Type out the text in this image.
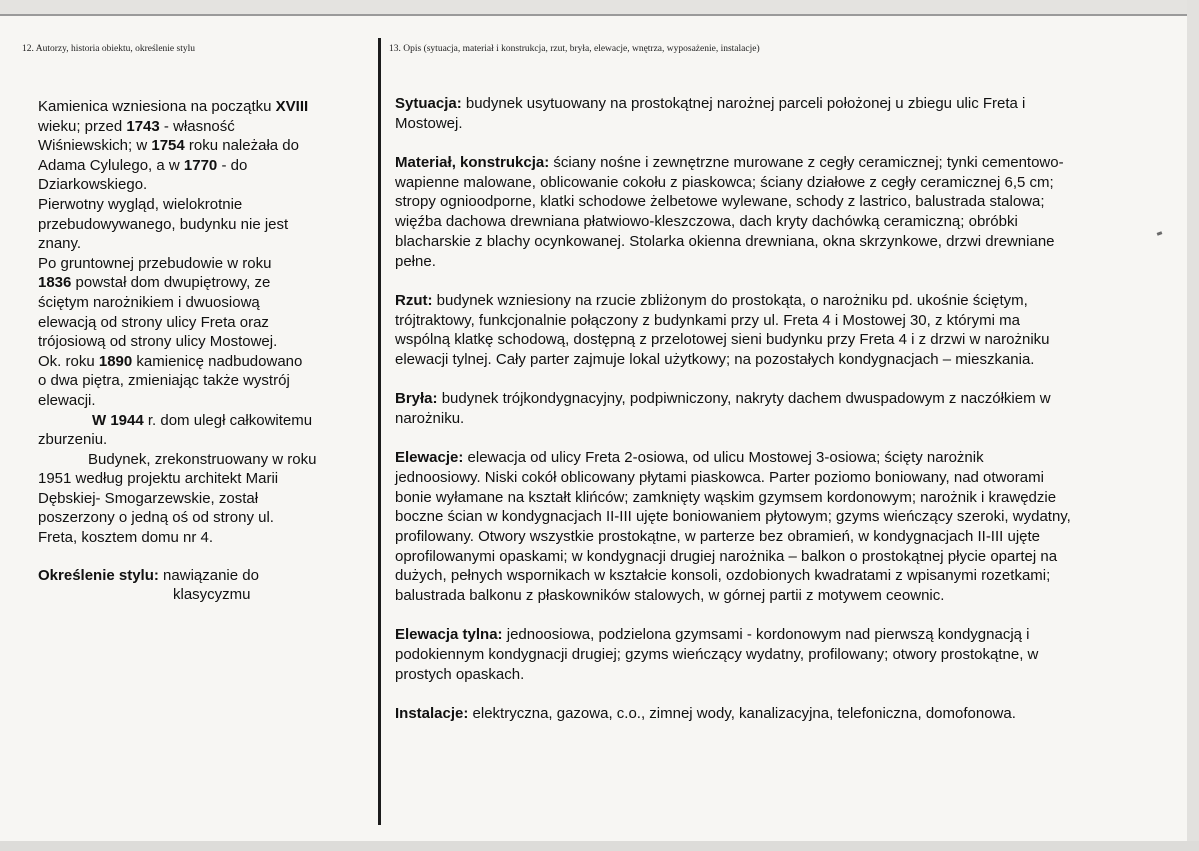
12. Autorzy, historia obiektu, określenie stylu	13. Opis (sytuacja, materiał i konstrukcja, rzut, bryła, elewacje, wnętrza, wyposażenie, instalacje)

Kamienica wzniesiona na początku XVIII

wieku; przed 1743 - własność

Wiśniewskich; w 1754 roku należała do

Adama Cylulego, a w 1770 - do

Dziarkowskiego.

Pierwotny wygląd, wielokrotnie

przebudowywanego, budynku nie jest

znany.

Po gruntownej przebudowie w roku

1836 powstał dom dwupiętrowy, ze

ściętym narożnikiem i dwuosiową

elewacją od strony ulicy Freta oraz

trójosiową od strony ulicy Mostowej.

Ok. roku 1890 kamienicę nadbudowano

o dwa piętra, zmieniając także wystrój

elewacji.

W 1944 r. dom uległ całkowitemu

zburzeniu.

Budynek, zrekonstruowany w roku

1951 według projektu architekt Marii

Dębskiej- Smogarzewskie, został

poszerzony o jedną oś od strony ul.

Freta, kosztem domu nr 4.

Określenie stylu: nawiązanie do

klasycyzmu

Sytuacja: budynek usytuowany na prostokątnej narożnej parceli położonej u zbiegu ulic Freta i Mostowej.

Materiał, konstrukcja: ściany nośne i zewnętrzne murowane z cegły ceramicznej; tynki cementowo-wapienne malowane, oblicowanie cokołu z piaskowca; ściany działowe z cegły ceramicznej 6,5 cm; stropy ognioodporne, klatki schodowe żelbetowe wylewane, schody z lastrico, balustrada stalowa; więźba dachowa drewniana płatwiowo-kleszczowa, dach kryty dachówką ceramiczną; obróbki blacharskie z blachy ocynkowanej. Stolarka okienna drewniana, okna skrzynkowe, drzwi drewniane pełne.

Rzut: budynek wzniesiony na rzucie zbliżonym do prostokąta, o narożniku pd. ukośnie ściętym, trójtraktowy, funkcjonalnie połączony z budynkami przy ul. Freta 4 i Mostowej 30, z którymi ma wspólną klatkę schodową, dostępną z przelotowej sieni budynku przy Freta 4 i z drzwi w narożniku elewacji tylnej. Cały parter zajmuje lokal użytkowy; na pozostałych kondygnacjach – mieszkania.

Bryła: budynek trójkondygnacyjny, podpiwniczony, nakryty dachem dwuspadowym z naczółkiem w narożniku.

Elewacje: elewacja od ulicy Freta 2-osiowa, od ulicu Mostowej 3-osiowa; ścięty narożnik jednoosiowy. Niski cokół oblicowany płytami piaskowca. Parter poziomo boniowany, nad otworami bonie wyłamane na kształt klińców; zamknięty wąskim gzymsem kordonowym; narożnik i krawędzie boczne ścian w kondygnacjach II-III ujęte boniowaniem płytowym; gzyms wieńczący szeroki, wydatny, profilowany. Otwory wszystkie prostokątne, w parterze bez obramień, w kondygnacjach II-III ujęte oprofilowanymi opaskami; w kondygnacji drugiej narożnika – balkon o prostokątnej płycie opartej na dużych, pełnych wspornikach w kształcie konsoli, ozdobionych kwadratami z wpisanymi rozetkami; balustrada balkonu z płaskowników stalowych, w górnej partii z motywem ceownic.

Elewacja tylna: jednoosiowa, podzielona gzymsami - kordonowym nad pierwszą kondygnacją i podokiennym kondygnacji drugiej; gzyms wieńczący wydatny, profilowany; otwory prostokątne, w prostych opaskach.

Instalacje: elektryczna, gazowa, c.o., zimnej wody, kanalizacyjna, telefoniczna, domofonowa.
